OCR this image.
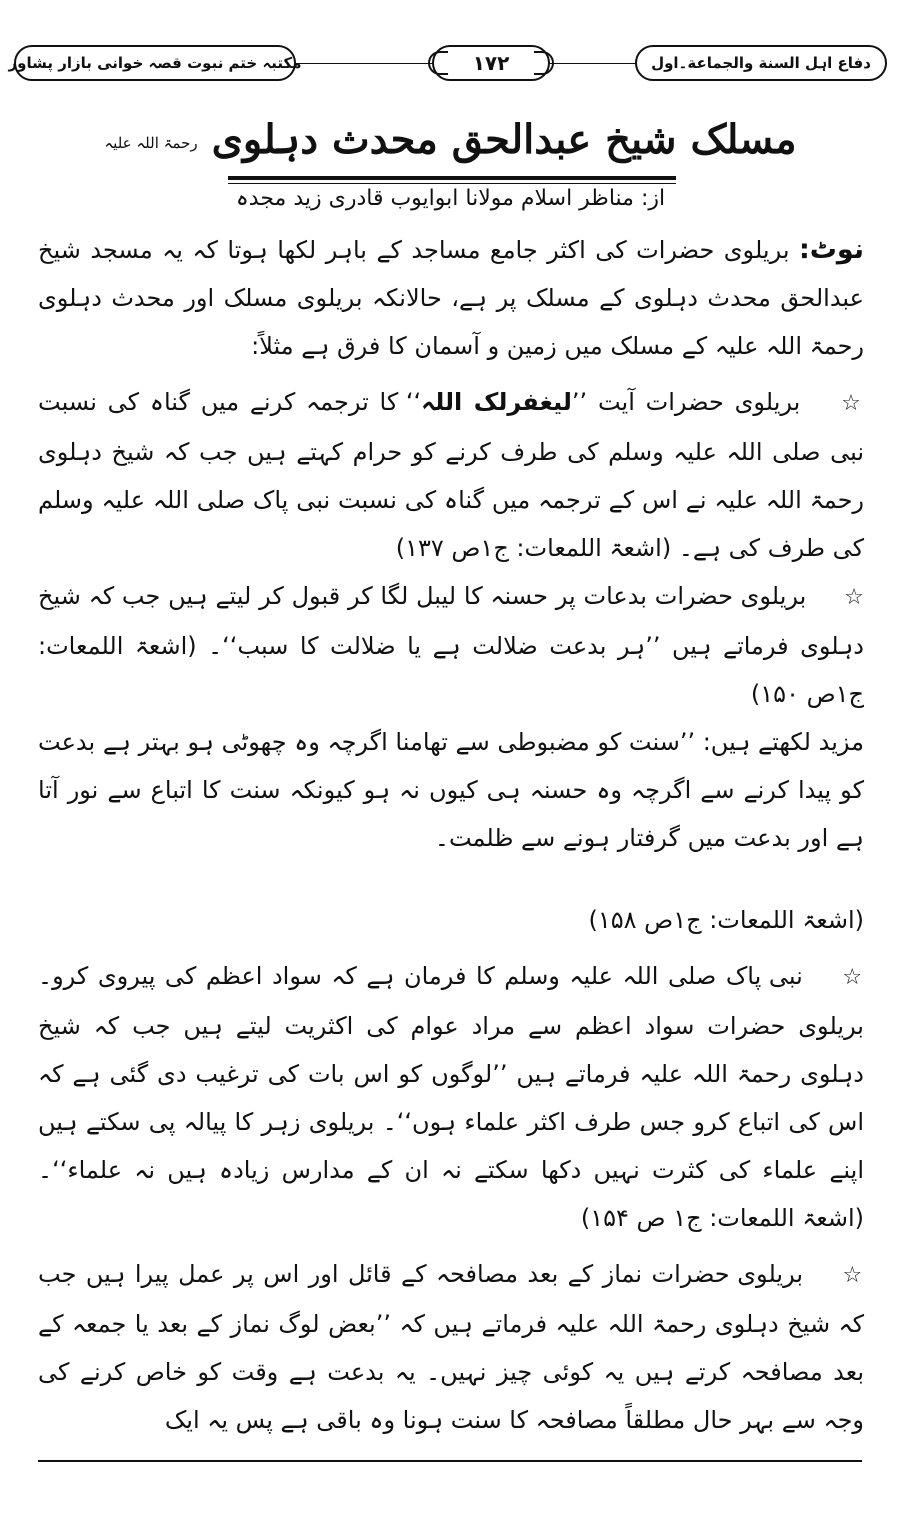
دفاع اہل السنة والجماعة۔اول
۱۷۲
مکتبہ ختم نبوت قصہ خوانی بازار پشاور
مسلک شیخ عبدالحق محدث دہلوی رحمۃ اللہ علیہ
از: مناظر اسلام مولانا ابوایوب قادری زید مجدہ

نوٹ: بریلوی حضرات کی اکثر جامع مساجد کے باہر لکھا ہوتا کہ یہ مسجد شیخ عبدالحق محدث دہلوی کے مسلک پر ہے، حالانکہ بریلوی مسلک اور محدث دہلوی رحمۃ اللہ علیہ کے مسلک میں زمین و آسمان کا فرق ہے مثلاً:

☆ بریلوی حضرات آیت ’’لیغفرلک اللہ‘‘ کا ترجمہ کرنے میں گناہ کی نسبت نبی صلی اللہ علیہ وسلم کی طرف کرنے کو حرام کہتے ہیں جب کہ شیخ دہلوی رحمۃ اللہ علیہ نے اس کے ترجمہ میں گناہ کی نسبت نبی پاک صلی اللہ علیہ وسلم کی طرف کی ہے۔ (اشعۃ اللمعات: ج۱ص ۱۳۷)

☆ بریلوی حضرات بدعات پر حسنہ کا لیبل لگا کر قبول کر لیتے ہیں جب کہ شیخ دہلوی فرماتے ہیں ’’ہر بدعت ضلالت ہے یا ضلالت کا سبب‘‘۔ (اشعۃ اللمعات: ج۱ص ۱۵۰)

مزید لکھتے ہیں: ’’سنت کو مضبوطی سے تھامنا اگرچہ وہ چھوٹی ہو بہتر ہے بدعت کو پیدا کرنے سے اگرچہ وہ حسنہ ہی کیوں نہ ہو کیونکہ سنت کا اتباع سے نور آتا ہے اور بدعت میں گرفتار ہونے سے ظلمت۔

(اشعۃ اللمعات: ج۱ص ۱۵۸)

☆ نبی پاک صلی اللہ علیہ وسلم کا فرمان ہے کہ سواد اعظم کی پیروی کرو۔ بریلوی حضرات سواد اعظم سے مراد عوام کی اکثریت لیتے ہیں جب کہ شیخ دہلوی رحمۃ اللہ علیہ فرماتے ہیں ’’لوگوں کو اس بات کی ترغیب دی گئی ہے کہ اس کی اتباع کرو جس طرف اکثر علماء ہوں‘‘۔ بریلوی زہر کا پیالہ پی سکتے ہیں اپنے علماء کی کثرت نہیں دکھا سکتے نہ ان کے مدارس زیادہ ہیں نہ علماء‘‘۔ (اشعۃ اللمعات: ج۱ ص ۱۵۴)

☆ بریلوی حضرات نماز کے بعد مصافحہ کے قائل اور اس پر عمل پیرا ہیں جب کہ شیخ دہلوی رحمۃ اللہ علیہ فرماتے ہیں کہ ’’بعض لوگ نماز کے بعد یا جمعہ کے بعد مصافحہ کرتے ہیں یہ کوئی چیز نہیں۔ یہ بدعت ہے وقت کو خاص کرنے کی وجہ سے بہر حال مطلقاً مصافحہ کا سنت ہونا وہ باقی ہے پس یہ ایک
